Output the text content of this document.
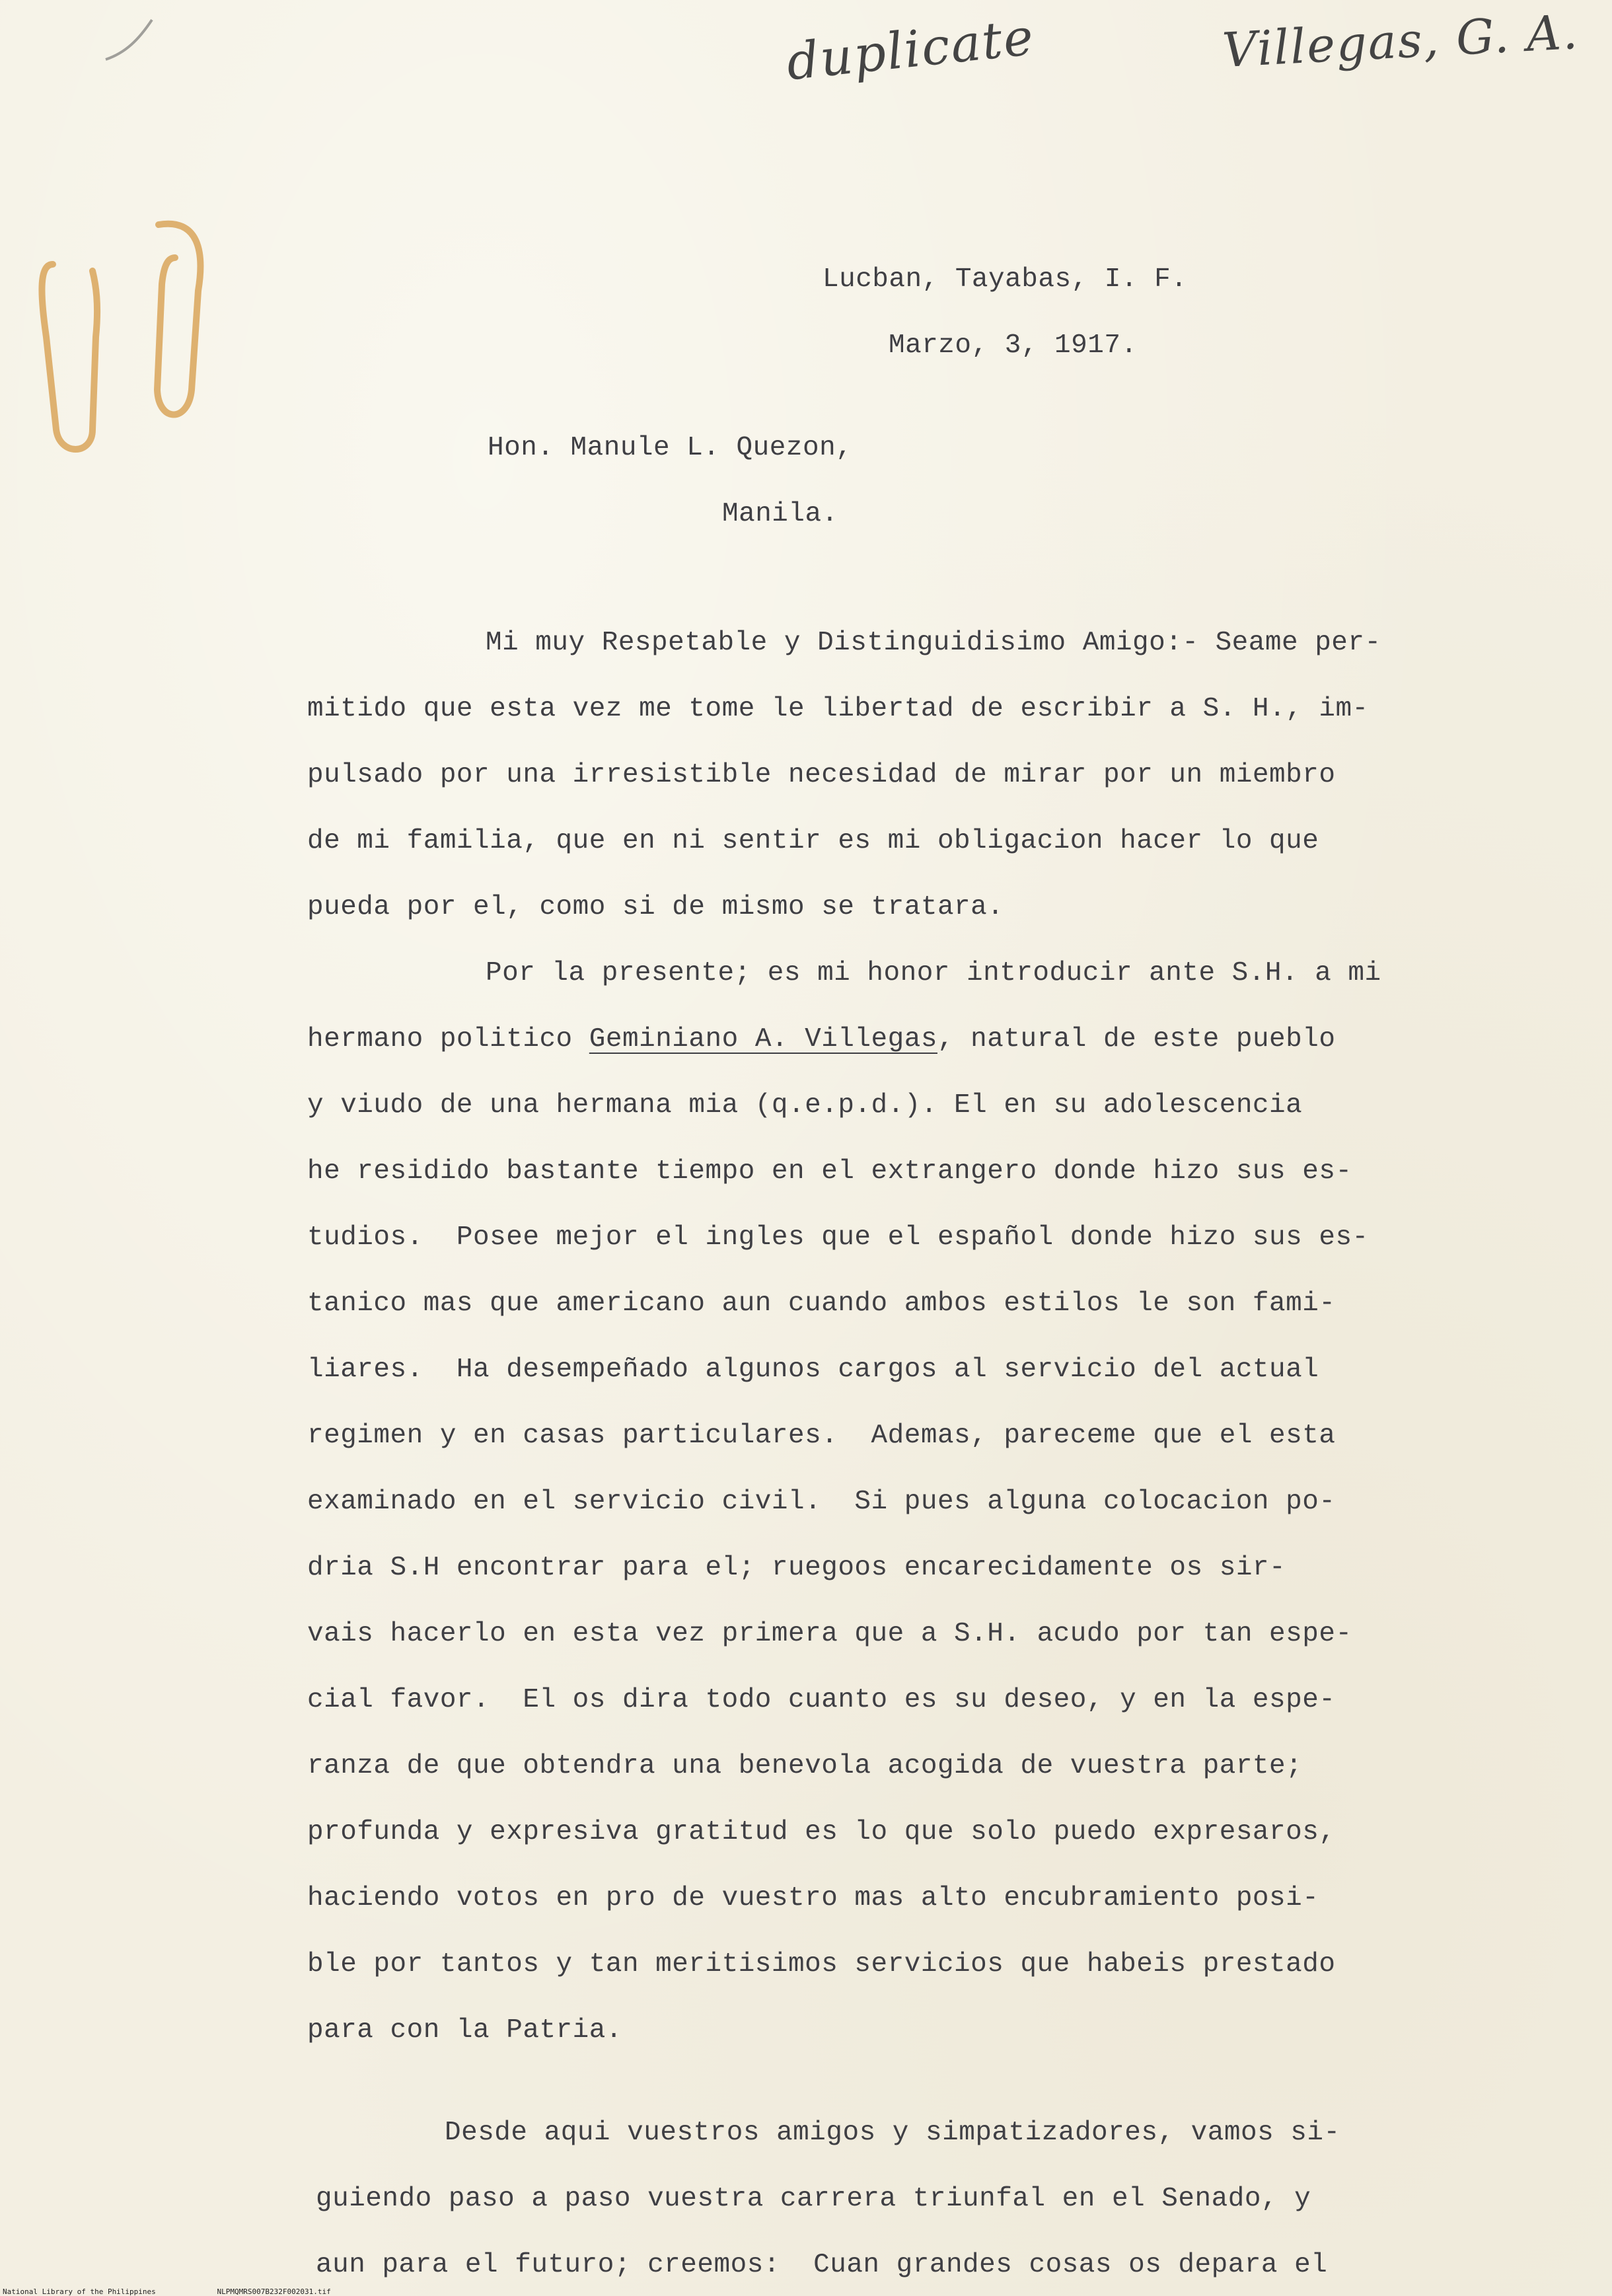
duplicate	Villegas, G. A.
Lucban, Tayabas, I. F.
Marzo, 3, 1917.
Hon. Manule L. Quezon,
Manila.

Mi muy Respetable y Distinguidisimo Amigo:- Seame per-

mitido que esta vez me tome le libertad de escribir a S. H., im-

pulsado por una irresistible necesidad de mirar por un miembro

de mi familia, que en ni sentir es mi obligacion hacer lo que

pueda por el, como si de mismo se tratara.

Por la presente; es mi honor introducir ante S.H. a mi

hermano politico Geminiano A. Villegas, natural de este pueblo

y viudo de una hermana mia (q.e.p.d.). El en su adolescencia

he residido bastante tiempo en el extrangero donde hizo sus es-

tudios.  Posee mejor el ingles que el español donde hizo sus es-

tanico mas que americano aun cuando ambos estilos le son fami-

liares.  Ha desempeñado algunos cargos al servicio del actual

regimen y en casas particulares.  Ademas, pareceme que el esta

examinado en el servicio civil.  Si pues alguna colocacion po-

dria S.H encontrar para el; ruegoos encarecidamente os sir-

vais hacerlo en esta vez primera que a S.H. acudo por tan espe-

cial favor.  El os dira todo cuanto es su deseo, y en la espe-

ranza de que obtendra una benevola acogida de vuestra parte;

profunda y expresiva gratitud es lo que solo puedo expresaros,

haciendo votos en pro de vuestro mas alto encubramiento posi-

ble por tantos y tan meritisimos servicios que habeis prestado

para con la Patria.

Desde aqui vuestros amigos y simpatizadores, vamos si-

guiendo paso a paso vuestra carrera triunfal en el Senado, y

aun para el futuro; creemos:  Cuan grandes cosas os depara el

National Library of the Philippines	NLPMQMRS007B232F002031.tif
